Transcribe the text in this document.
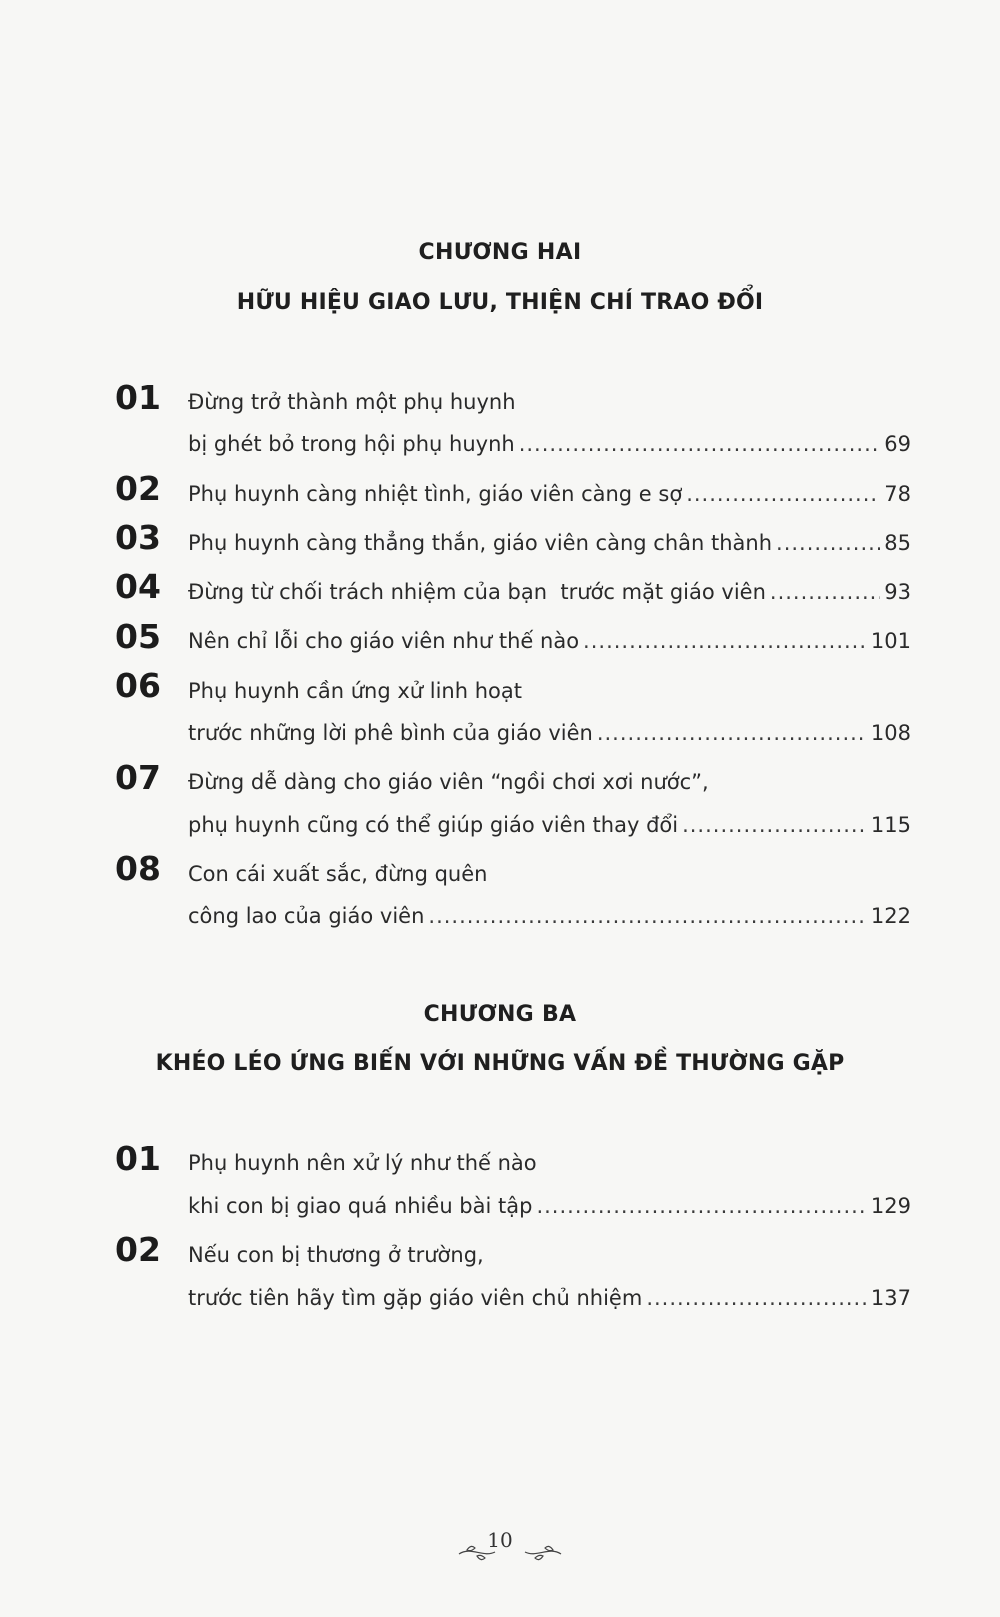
CHƯƠNG HAI
HỮU HIỆU GIAO LƯU, THIỆN CHÍ TRAO ĐỔI
01 Đừng trở thành một phụ huynh
bị ghét bỏ trong hội phụ huynh .....	69
02 Phụ huynh càng nhiệt tình, giáo viên càng e sợ .....	78
03 Phụ huynh càng thẳng thắn, giáo viên càng chân thành .....	85
04 Đừng từ chối trách nhiệm của bạn  trước mặt giáo viên .....	93
05 Nên chỉ lỗi cho giáo viên như thế nào .....	101
06 Phụ huynh cần ứng xử linh hoạt
trước những lời phê bình của giáo viên .....	108
07 Đừng dễ dàng cho giáo viên “ngồi chơi xơi nước”,
phụ huynh cũng có thể giúp giáo viên thay đổi .....	115
08 Con cái xuất sắc, đừng quên
công lao của giáo viên .....	122
CHƯƠNG BA
KHÉO LÉO ỨNG BIẾN VỚI NHỮNG VẤN ĐỀ THƯỜNG GẶP
01 Phụ huynh nên xử lý như thế nào
khi con bị giao quá nhiều bài tập .....	129
02 Nếu con bị thương ở trường,
trước tiên hãy tìm gặp giáo viên chủ nhiệm .....	137
10
